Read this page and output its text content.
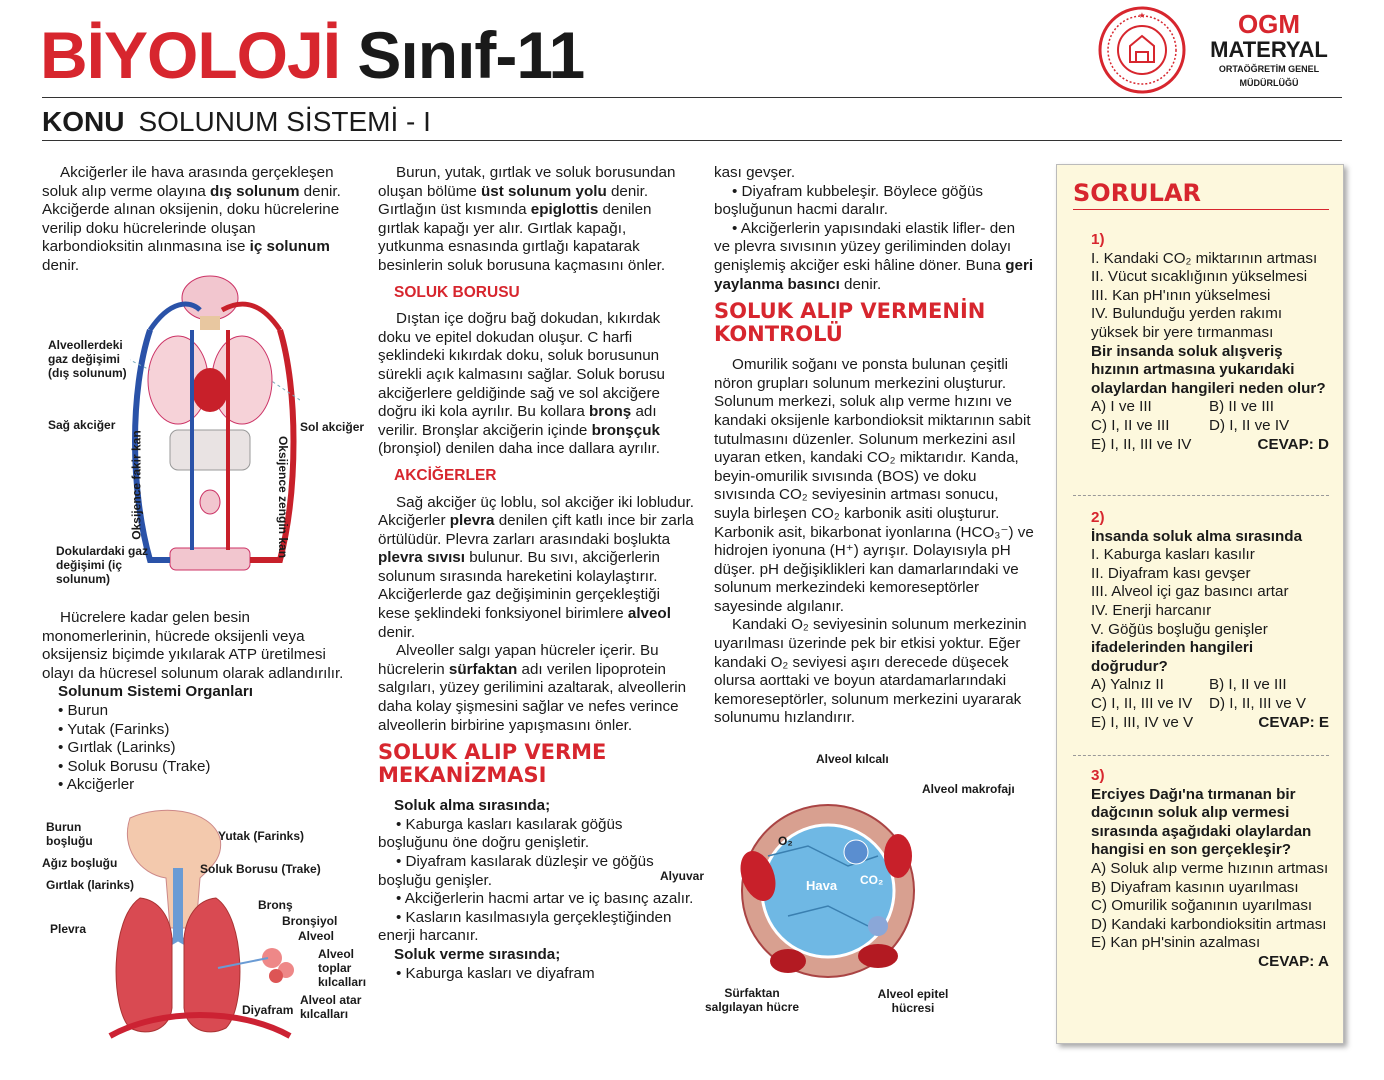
BİYOLOJİ Sınıf-11
★	OGM
MATERYAL
ORTAÖĞRETİM GENEL MÜDÜRLÜĞÜ
KONU SOLUNUM SİSTEMİ - I

Akciğerler ile hava arasında gerçekleşen soluk alıp verme olayına dış solunum denir. Akciğerde alınan oksijenin, doku hücrelerine verilip doku hücrelerinde oluşan karbondioksitin alınmasına ise iç solunum denir.

Alveollerdeki gaz değişimi (dış solunum)
Sağ akciğer	Sol akciğer
Oksijence fakir kan	Oksijence zengin kan
Dokulardaki gaz değişimi (iç solunum)

Hücrelere kadar gelen besin monomerlerinin, hücrede oksijenli veya oksijensiz biçimde yıkılarak ATP üretilmesi olayı da hücresel solunum olarak adlandırılır.

Solunum Sistemi Organları

• Burun
• Yutak (Farinks)
• Gırtlak (Larinks)
• Soluk Borusu (Trake)
• Akciğerler
Burun boşluğu
Ağız boşluğu
Gırtlak (larinks)
Plevra
Yutak (Farinks)
Soluk Borusu (Trake)
Bronş
Bronşiyol
Alveol
Alveol toplar kılcalları
Alveol atar kılcalları
Diyafram

Burun, yutak, gırtlak ve soluk borusundan oluşan bölüme üst solunum yolu denir. Gırtlağın üst kısmında epiglottis denilen gırtlak kapağı yer alır. Gırtlak kapağı, yutkunma esnasında gırtlağı kapatarak besinlerin soluk borusuna kaçmasını önler.

SOLUK BORUSU

Dıştan içe doğru bağ dokudan, kıkırdak doku ve epitel dokudan oluşur. C harfi şeklindeki kıkırdak doku, soluk borusunun sürekli açık kalmasını sağlar. Soluk borusu akciğerlere geldiğinde sağ ve sol akciğere doğru iki kola ayrılır. Bu kollara bronş adı verilir. Bronşlar akciğerin içinde bronşçuk (bronşiol) denilen daha ince dallara ayrılır.

AKCİĞERLER

Sağ akciğer üç loblu, sol akciğer iki lobludur. Akciğerler plevra denilen çift katlı ince bir zarla örtülüdür. Plevra zarları arasındaki boşlukta plevra sıvısı bulunur. Bu sıvı, akciğerlerin solunum sırasında hareketini kolaylaştırır. Akciğerlerde gaz değişiminin gerçekleştiği kese şeklindeki fonksiyonel birimlere alveol denir.

Alveoller salgı yapan hücreler içerir. Bu hücrelerin sürfaktan adı verilen lipoprotein salgıları, yüzey gerilimini azaltarak, alveollerin daha kolay şişmesini sağlar ve nefes verince alveollerin birbirine yapışmasını önler.

SOLUK ALIP VERME MEKANİZMASI

Soluk alma sırasında;

• Kaburga kasları kasılarak göğüs boşluğunu öne doğru genişletir.

• Diyafram kasılarak düzleşir ve göğüs boşluğu genişler.

• Akciğerlerin hacmi artar ve iç basınç azalır.

• Kasların kasılmasıyla gerçekleştiğinden enerji harcanır.

Soluk verme sırasında;

• Kaburga kasları ve diyafram

kası gevşer.

• Diyafram kubbeleşir. Böylece göğüs boşluğunun hacmi daralır.

• Akciğerlerin yapısındaki elastik lifler- den ve plevra sıvısının yüzey geriliminden dolayı genişlemiş akciğer eski hâline döner. Buna geri yaylanma basıncı denir.

SOLUK ALIP VERMENİN KONTROLÜ

Omurilik soğanı ve ponsta bulunan çeşitli nöron grupları solunum merkezini oluşturur. Solunum merkezi, soluk alıp verme hızını ve kandaki oksijenle karbondioksit miktarının sabit tutulmasını düzenler. Solunum merkezini asıl uyaran etken, kandaki CO₂ miktarıdır. Kanda, beyin-omurilik sıvısında (BOS) ve doku sıvısında CO₂ seviyesinin artması sonucu, suyla birleşen CO₂ karbonik asiti oluşturur. Karbonik asit, bikarbonat iyonlarına (HCO₃⁻) ve hidrojen iyonuna (H⁺) ayrışır. Dolayısıyla pH düşer. pH değişiklikleri kan damarlarındaki ve solunum merkezindeki kemoreseptörler sayesinde algılanır.

Kandaki O₂ seviyesinin solunum merkezinin uyarılması üzerinde pek bir etkisi yoktur. Eğer kandaki O₂ seviyesi aşırı derecede düşecek olursa aorttaki ve boyun atardamarlarındaki kemoreseptörler, solunum merkezini uyararak solunumu hızlandırır.

Alveol kılcalı
Alveol makrofajı
Alyuvar
O₂
Hava CO₂
Sürfaktan salgılayan hücre
Alveol epitel hücresi
SORULAR

1)

I. Kandaki CO₂ miktarının artması

II. Vücut sıcaklığının yükselmesi

III. Kan pH'ının yükselmesi

IV. Bulunduğu yerden rakımı yüksek bir yere tırmanması

Bir insanda soluk alışveriş hızının artmasına yukarıdaki olaylardan hangileri neden olur?

A) I ve III	B) II ve III
C) I, II ve III	D) I, II ve IV
E) I, II, III ve IV	CEVAP: D

2)

İnsanda soluk alma sırasında

I. Kaburga kasları kasılır

II. Diyafram kası gevşer

III. Alveol içi gaz basıncı artar

IV. Enerji harcanır

V. Göğüs boşluğu genişler

ifadelerinden hangileri doğrudur?

A) Yalnız II	B) I, II ve III
C) I, II, III ve IV	D) I, II, III ve V
E) I, III, IV ve V	CEVAP: E

3)

Erciyes Dağı'na tırmanan bir dağcının soluk alıp vermesi sırasında aşağıdaki olaylardan hangisi en son gerçekleşir?

A) Soluk alıp verme hızının artması

B) Diyafram kasının uyarılması

C) Omurilik soğanının uyarılması

D) Kandaki karbondioksitin artması

E) Kan pH'sinin azalması

CEVAP: A
